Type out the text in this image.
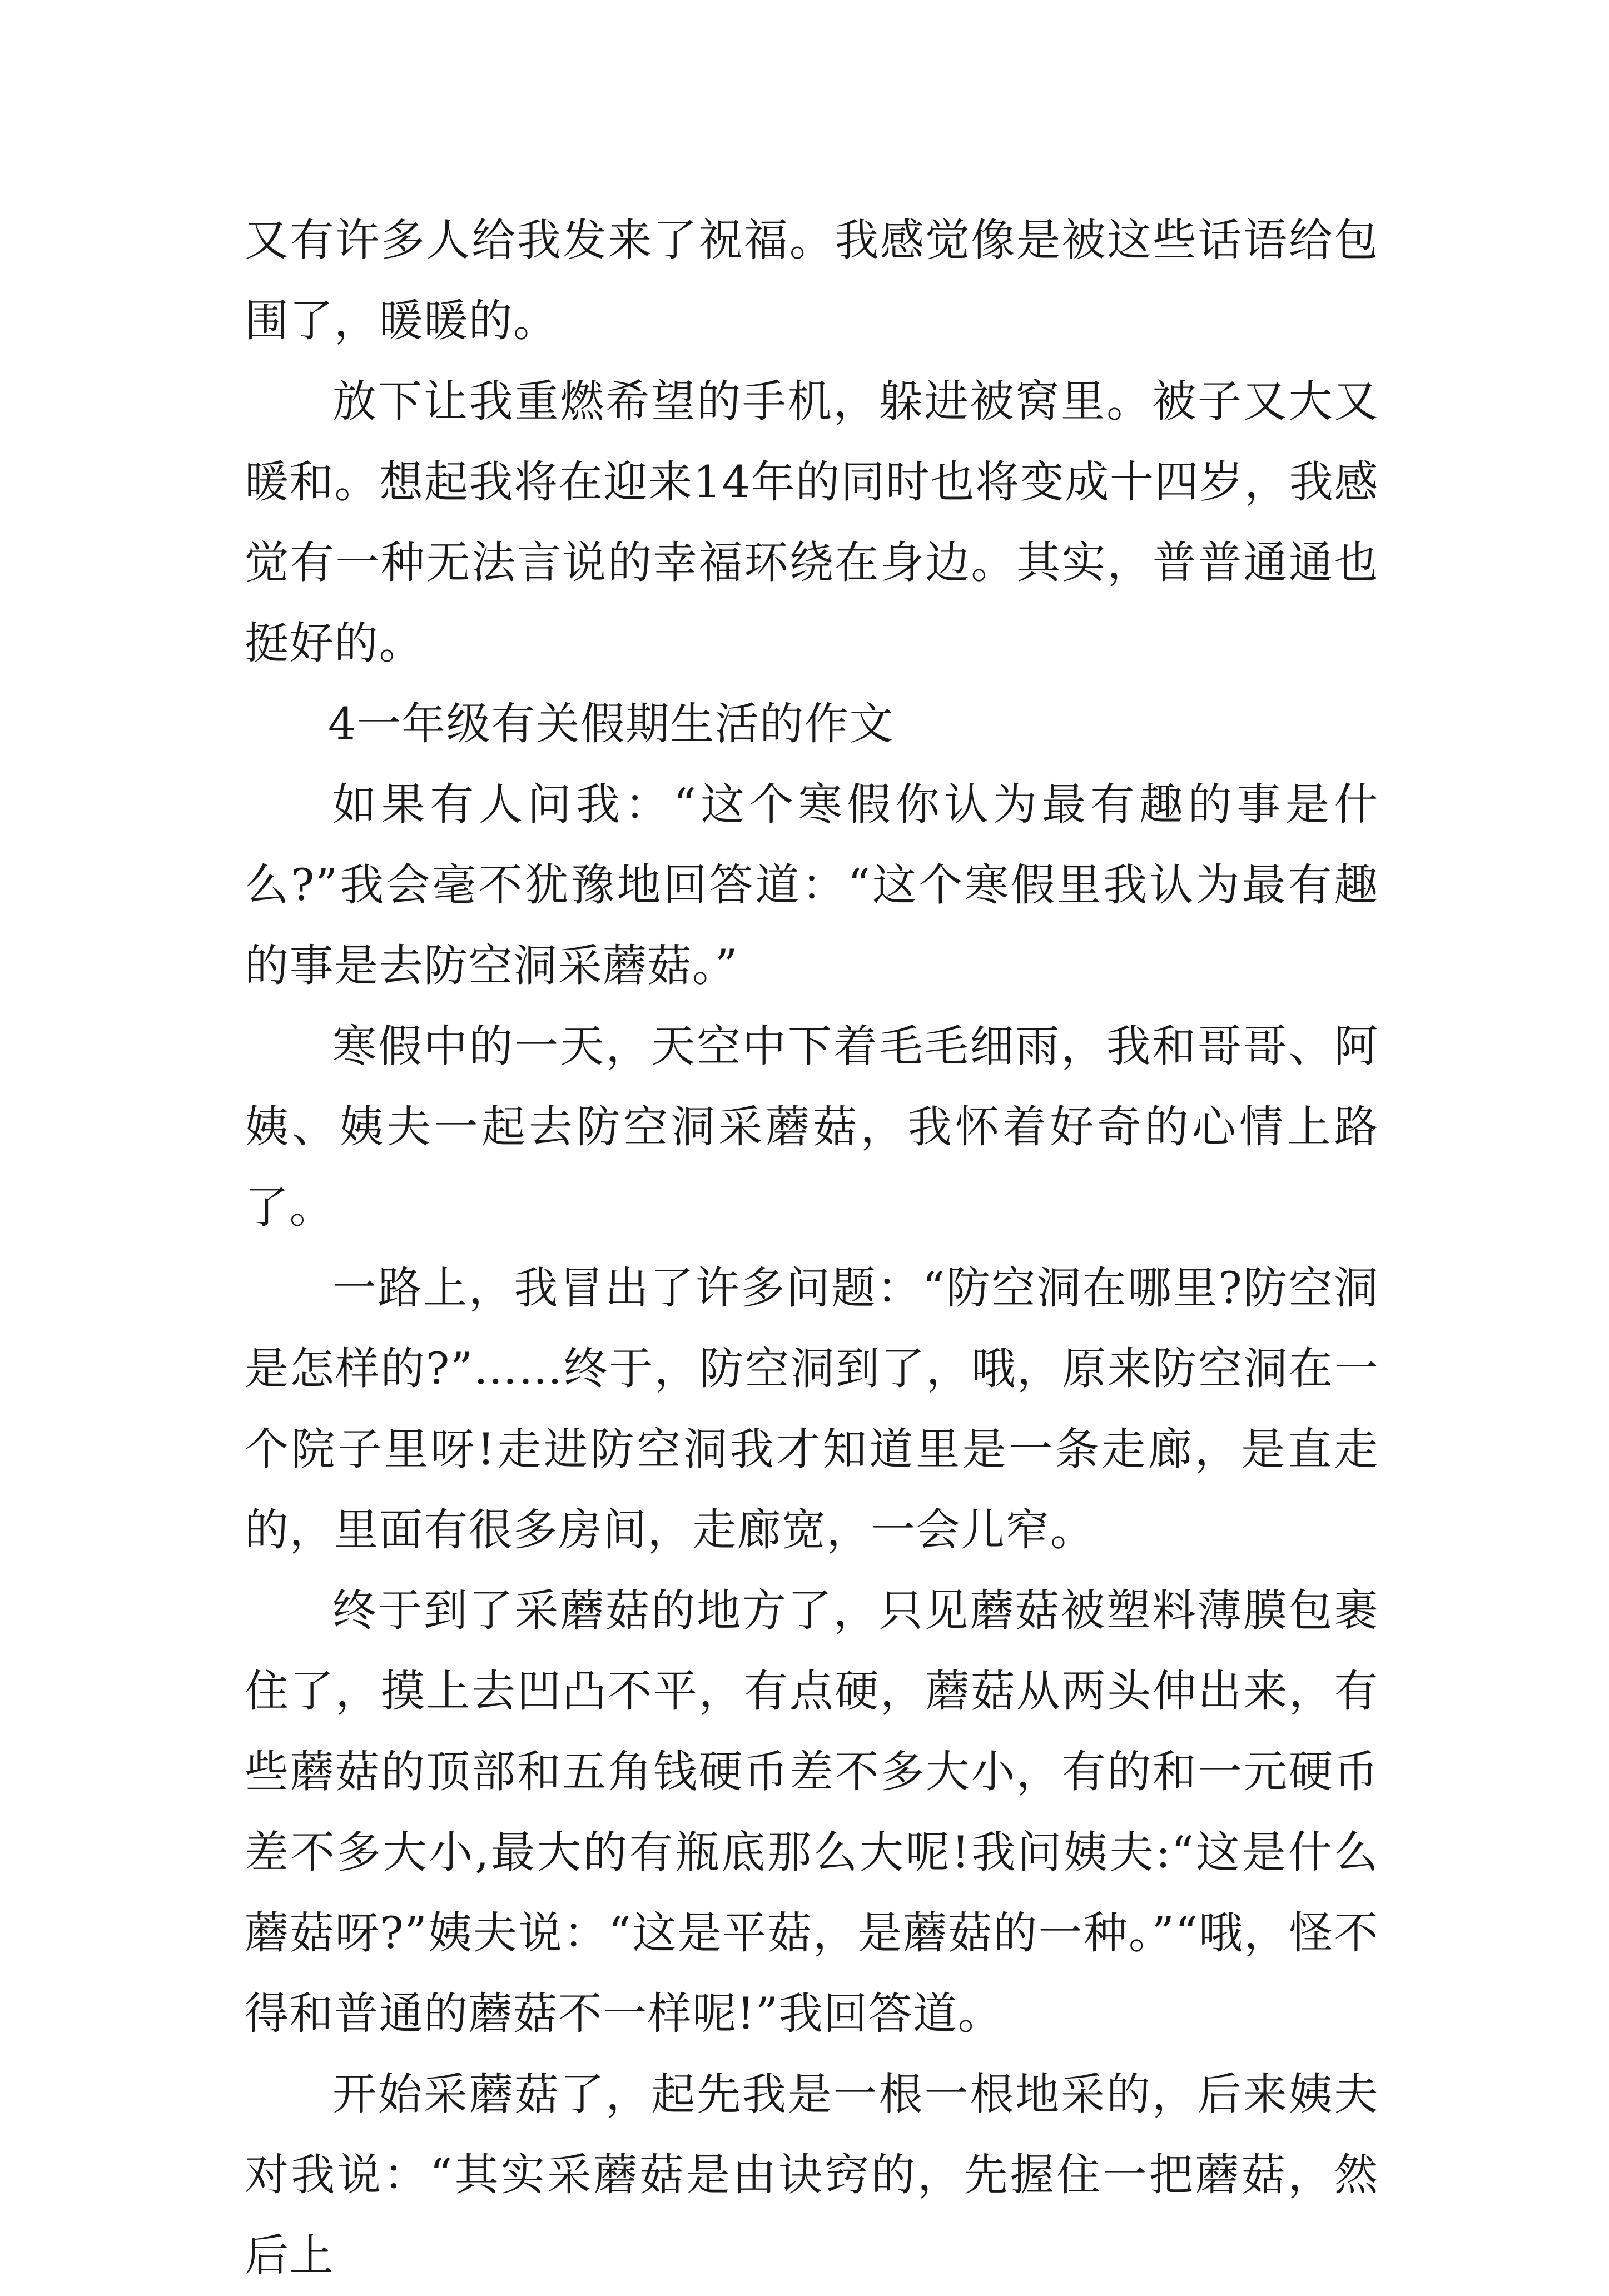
又有许多人给我发来了祝福。我感觉像是被这些话语给包围了，暖暖的。

放下让我重燃希望的手机，躲进被窝里。被子又大又暖和。想起我将在迎来14年的同时也将变成十四岁，我感觉有一种无法言说的幸福环绕在身边。其实，普普通通也挺好的。

4一年级有关假期生活的作文

如果有人问我：“这个寒假你认为最有趣的事是什么?”我会毫不犹豫地回答道：“这个寒假里我认为最有趣的事是去防空洞采蘑菇。”

寒假中的一天，天空中下着毛毛细雨，我和哥哥、阿姨、姨夫一起去防空洞采蘑菇，我怀着好奇的心情上路了。

一路上，我冒出了许多问题：“防空洞在哪里?防空洞是怎样的?”……终于，防空洞到了，哦，原来防空洞在一个院子里呀!走进防空洞我才知道里是一条走廊，是直走的，里面有很多房间，走廊宽，一会儿窄。

终于到了采蘑菇的地方了，只见蘑菇被塑料薄膜包裹住了，摸上去凹凸不平，有点硬，蘑菇从两头伸出来，有些蘑菇的顶部和五角钱硬币差不多大小，有的和一元硬币差不多大小,最大的有瓶底那么大呢!我问姨夫:“这是什么蘑菇呀?”姨夫说：“这是平菇，是蘑菇的一种。”“哦，怪不得和普通的蘑菇不一样呢!”我回答道。

开始采蘑菇了，起先我是一根一根地采的，后来姨夫对我说：“其实采蘑菇是由诀窍的，先握住一把蘑菇，然后上
